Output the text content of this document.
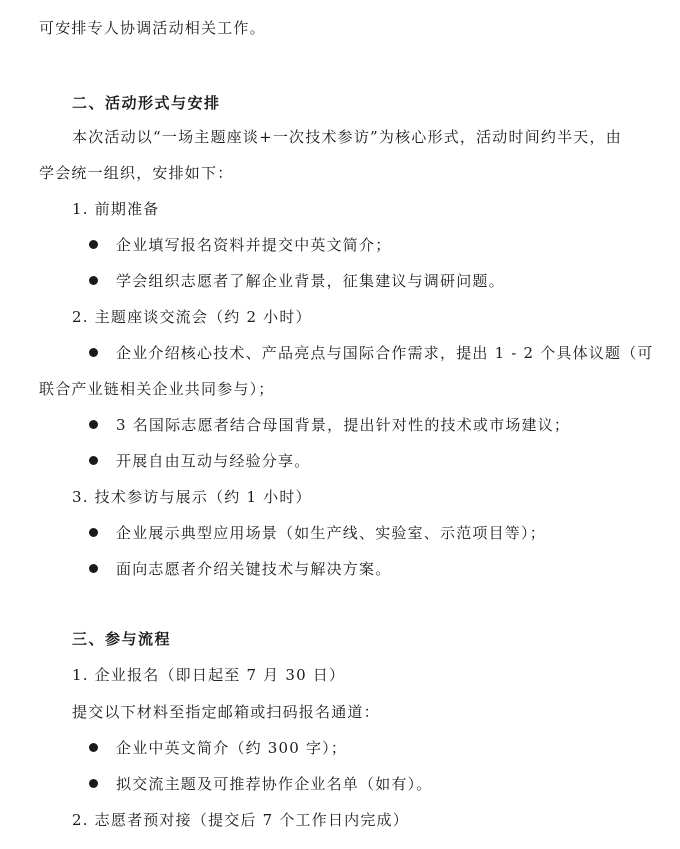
可安排专人协调活动相关工作。
二、活动形式与安排
本次活动以“一场主题座谈+一次技术参访”为核心形式，活动时间约半天，由
学会统一组织，安排如下：
1. 前期准备
企业填写报名资料并提交中英文简介；
学会组织志愿者了解企业背景，征集建议与调研问题。
2. 主题座谈交流会（约 2 小时）
企业介绍核心技术、产品亮点与国际合作需求，提出 1 - 2 个具体议题（可
联合产业链相关企业共同参与）；
3 名国际志愿者结合母国背景，提出针对性的技术或市场建议；
开展自由互动与经验分享。
3. 技术参访与展示（约 1 小时）
企业展示典型应用场景（如生产线、实验室、示范项目等）；
面向志愿者介绍关键技术与解决方案。
三、参与流程
1. 企业报名（即日起至 7 月 30 日）
提交以下材料至指定邮箱或扫码报名通道：
企业中英文简介（约 300 字）；
拟交流主题及可推荐协作企业名单（如有）。
2. 志愿者预对接（提交后 7 个工作日内完成）
